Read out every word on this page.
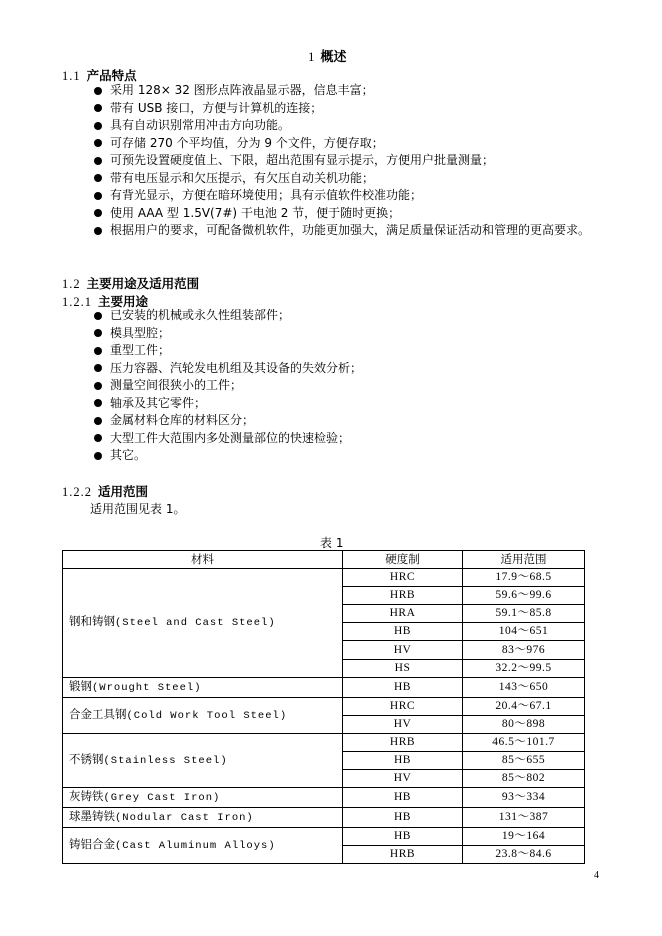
1 概述
1.1 产品特点
采用 128× 32 图形点阵液晶显示器，信息丰富；
带有 USB 接口，方便与计算机的连接；
具有自动识别常用冲击方向功能。
可存储 270 个平均值，分为 9 个文件，方便存取；
可预先设置硬度值上、下限，超出范围有显示提示，方便用户批量测量；
带有电压显示和欠压提示，有欠压自动关机功能；
有背光显示，方便在暗环境使用；具有示值软件校准功能；
使用 AAA 型 1.5V(7#) 干电池 2 节，便于随时更换；
根据用户的要求，可配备微机软件，功能更加强大，满足质量保证活动和管理的更高要求。
1.2 主要用途及适用范围
1.2.1 主要用途
已安装的机械或永久性组装部件；
模具型腔；
重型工件；
压力容器、汽轮发电机组及其设备的失效分析；
测量空间很狭小的工件；
轴承及其它零件；
金属材料仓库的材料区分；
大型工件大范围内多处测量部位的快速检验；
其它。
1.2.2 适用范围
适用范围见表 1。
表 1
材料	硬度制	适用范围
钢和铸钢(Steel and Cast Steel)	HRC	17.9～68.5
	HRB	59.6～99.6
	HRA	59.1～85.8
	HB	104～651
	HV	83～976
	HS	32.2～99.5
锻钢(Wrought Steel)	HB	143～650
合金工具钢(Cold Work Tool Steel)	HRC	20.4～67.1
	HV	80～898
不锈钢(Stainless Steel)	HRB	46.5～101.7
	HB	85～655
	HV	85～802
灰铸铁(Grey Cast Iron)	HB	93～334
球墨铸铁(Nodular Cast Iron)	HB	131～387
铸铝合金(Cast Aluminum Alloys)	HB	19～164
	HRB	23.8～84.6
4
